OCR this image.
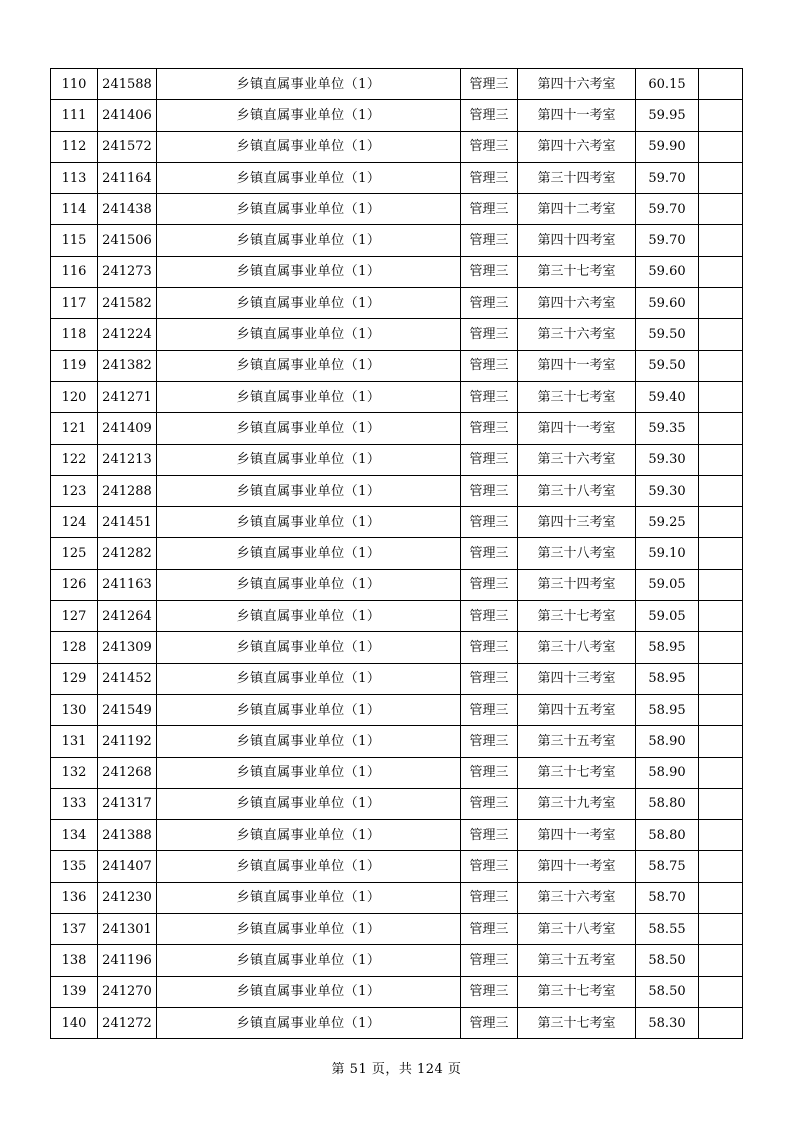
110	241588	乡镇直属事业单位（1）	管理三	第四十六考室	60.15	
111	241406	乡镇直属事业单位（1）	管理三	第四十一考室	59.95	
112	241572	乡镇直属事业单位（1）	管理三	第四十六考室	59.90	
113	241164	乡镇直属事业单位（1）	管理三	第三十四考室	59.70	
114	241438	乡镇直属事业单位（1）	管理三	第四十二考室	59.70	
115	241506	乡镇直属事业单位（1）	管理三	第四十四考室	59.70	
116	241273	乡镇直属事业单位（1）	管理三	第三十七考室	59.60	
117	241582	乡镇直属事业单位（1）	管理三	第四十六考室	59.60	
118	241224	乡镇直属事业单位（1）	管理三	第三十六考室	59.50	
119	241382	乡镇直属事业单位（1）	管理三	第四十一考室	59.50	
120	241271	乡镇直属事业单位（1）	管理三	第三十七考室	59.40	
121	241409	乡镇直属事业单位（1）	管理三	第四十一考室	59.35	
122	241213	乡镇直属事业单位（1）	管理三	第三十六考室	59.30	
123	241288	乡镇直属事业单位（1）	管理三	第三十八考室	59.30	
124	241451	乡镇直属事业单位（1）	管理三	第四十三考室	59.25	
125	241282	乡镇直属事业单位（1）	管理三	第三十八考室	59.10	
126	241163	乡镇直属事业单位（1）	管理三	第三十四考室	59.05	
127	241264	乡镇直属事业单位（1）	管理三	第三十七考室	59.05	
128	241309	乡镇直属事业单位（1）	管理三	第三十八考室	58.95	
129	241452	乡镇直属事业单位（1）	管理三	第四十三考室	58.95	
130	241549	乡镇直属事业单位（1）	管理三	第四十五考室	58.95	
131	241192	乡镇直属事业单位（1）	管理三	第三十五考室	58.90	
132	241268	乡镇直属事业单位（1）	管理三	第三十七考室	58.90	
133	241317	乡镇直属事业单位（1）	管理三	第三十九考室	58.80	
134	241388	乡镇直属事业单位（1）	管理三	第四十一考室	58.80	
135	241407	乡镇直属事业单位（1）	管理三	第四十一考室	58.75	
136	241230	乡镇直属事业单位（1）	管理三	第三十六考室	58.70	
137	241301	乡镇直属事业单位（1）	管理三	第三十八考室	58.55	
138	241196	乡镇直属事业单位（1）	管理三	第三十五考室	58.50	
139	241270	乡镇直属事业单位（1）	管理三	第三十七考室	58.50	
140	241272	乡镇直属事业单位（1）	管理三	第三十七考室	58.30	
第 51 页，共 124 页
